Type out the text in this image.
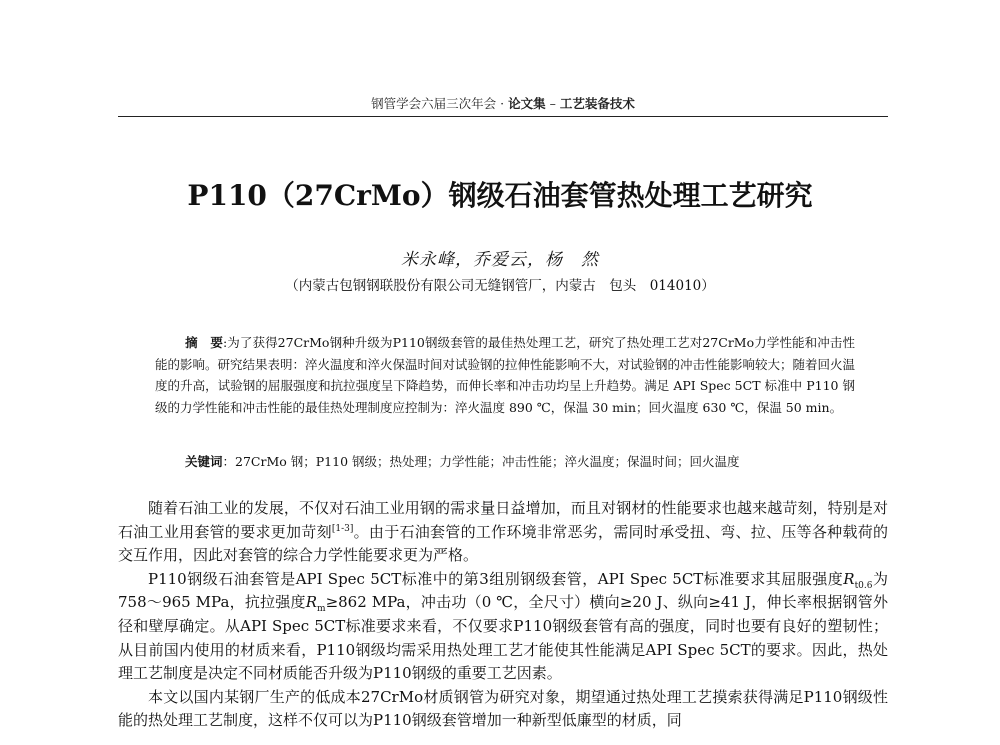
钢管学会六届三次年会 · 论文集 – 工艺装备技术
P110（27CrMo）钢级石油套管热处理工艺研究
米永峰，乔爱云，杨　然
（内蒙古包钢钢联股份有限公司无缝钢管厂，内蒙古　包头　014010）
摘　要:为了获得27CrMo钢种升级为P110钢级套管的最佳热处理工艺，研究了热处理工艺对27CrMo力学性能和冲击性能的影响。研究结果表明：淬火温度和淬火保温时间对试验钢的拉伸性能影响不大，对试验钢的冲击性能影响较大；随着回火温度的升高，试验钢的屈服强度和抗拉强度呈下降趋势，而伸长率和冲击功均呈上升趋势。满足 API Spec 5CT 标准中 P110 钢级的力学性能和冲击性能的最佳热处理制度应控制为：淬火温度 890 ℃，保温 30 min；回火温度 630 ℃，保温 50 min。
关键词：27CrMo 钢；P110 钢级；热处理；力学性能；冲击性能；淬火温度；保温时间；回火温度

随着石油工业的发展，不仅对石油工业用钢的需求量日益增加，而且对钢材的性能要求也越来越苛刻，特别是对石油工业用套管的要求更加苛刻[1-3]。由于石油套管的工作环境非常恶劣，需同时承受扭、弯、拉、压等各种载荷的交互作用，因此对套管的综合力学性能要求更为严格。

P110钢级石油套管是API Spec 5CT标准中的第3组別钢级套管，API Spec 5CT标准要求其屈服强度$R_{t0.6}$为758～965 MPa，抗拉强度$R_m\ge 862$ MPa，冲击功（0 ℃，全尺寸）横向≥20 J、纵向≥41 J，伸长率根据钢管外径和壁厚确定。从API Spec 5CT标准要求来看，不仅要求P110钢级套管有高的强度，同时也要有良好的塑韧性；从目前国内使用的材质来看，P110钢级均需采用热处理工艺才能使其性能满足API Spec 5CT的要求。因此，热处理工艺制度是决定不同材质能否升级为P110钢级的重要工艺因素。

本文以国内某钢厂生产的低成本27CrMo材质钢管为研究对象，期望通过热处理工艺摸索获得满足P110钢级性能的热处理工艺制度，这样不仅可以为P110钢级套管增加一种新型低廉型的材质，同
